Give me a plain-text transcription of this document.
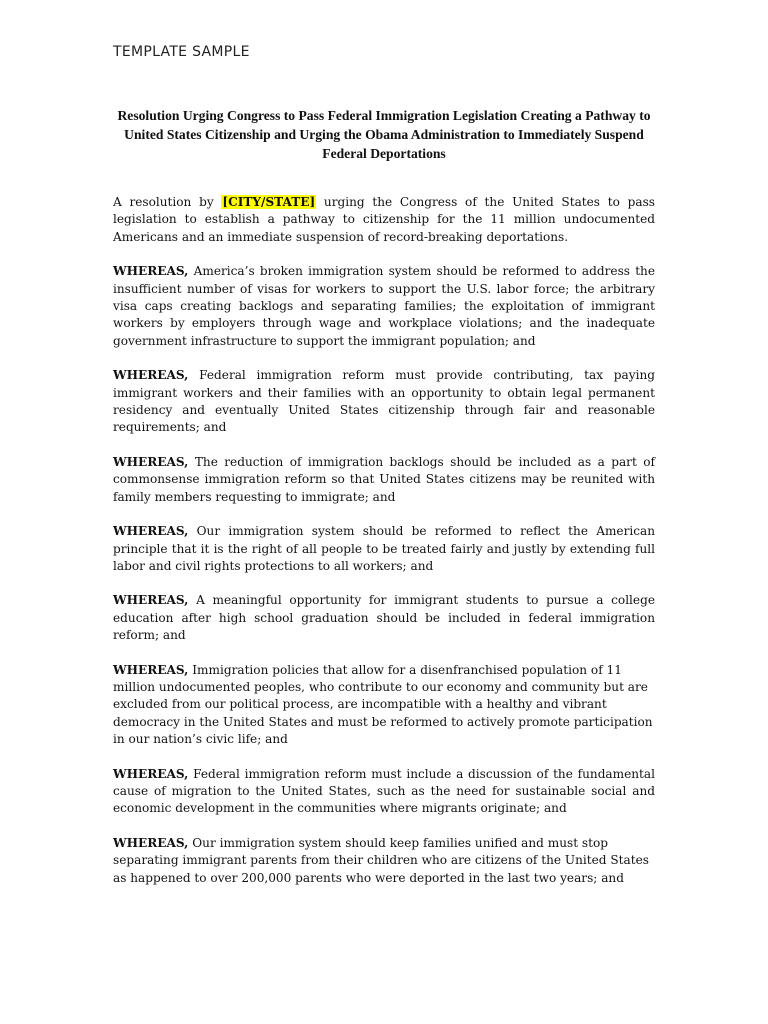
TEMPLATE SAMPLE
Resolution Urging Congress to Pass Federal Immigration Legislation Creating a Pathway to United States Citizenship and Urging the Obama Administration to Immediately Suspend Federal Deportations

A resolution by [CITY/STATE] urging the Congress of the United States to pass legislation to establish a pathway to citizenship for the 11 million undocumented Americans and an immediate suspension of record-breaking deportations.

WHEREAS, America’s broken immigration system should be reformed to address the insufficient number of visas for workers to support the U.S. labor force; the arbitrary visa caps creating backlogs and separating families; the exploitation of immigrant workers by employers through wage and workplace violations; and the inadequate government infrastructure to support the immigrant population; and

WHEREAS, Federal immigration reform must provide contributing, tax paying immigrant workers and their families with an opportunity to obtain legal permanent residency and eventually United States citizenship through fair and reasonable requirements; and

WHEREAS, The reduction of immigration backlogs should be included as a part of commonsense immigration reform so that United States citizens may be reunited with family members requesting to immigrate; and

WHEREAS, Our immigration system should be reformed to reflect the American principle that it is the right of all people to be treated fairly and justly by extending full labor and civil rights protections to all workers; and

WHEREAS, A meaningful opportunity for immigrant students to pursue a college education after high school graduation should be included in federal immigration reform; and

WHEREAS, Immigration policies that allow for a disenfranchised population of 11 million undocumented peoples, who contribute to our economy and community but are excluded from our political process, are incompatible with a healthy and vibrant democracy in the United States and must be reformed to actively promote participation in our nation’s civic life; and

WHEREAS, Federal immigration reform must include a discussion of the fundamental cause of migration to the United States, such as the need for sustainable social and economic development in the communities where migrants originate; and

WHEREAS, Our immigration system should keep families unified and must stop separating immigrant parents from their children who are citizens of the United States as happened to over 200,000 parents who were deported in the last two years; and
